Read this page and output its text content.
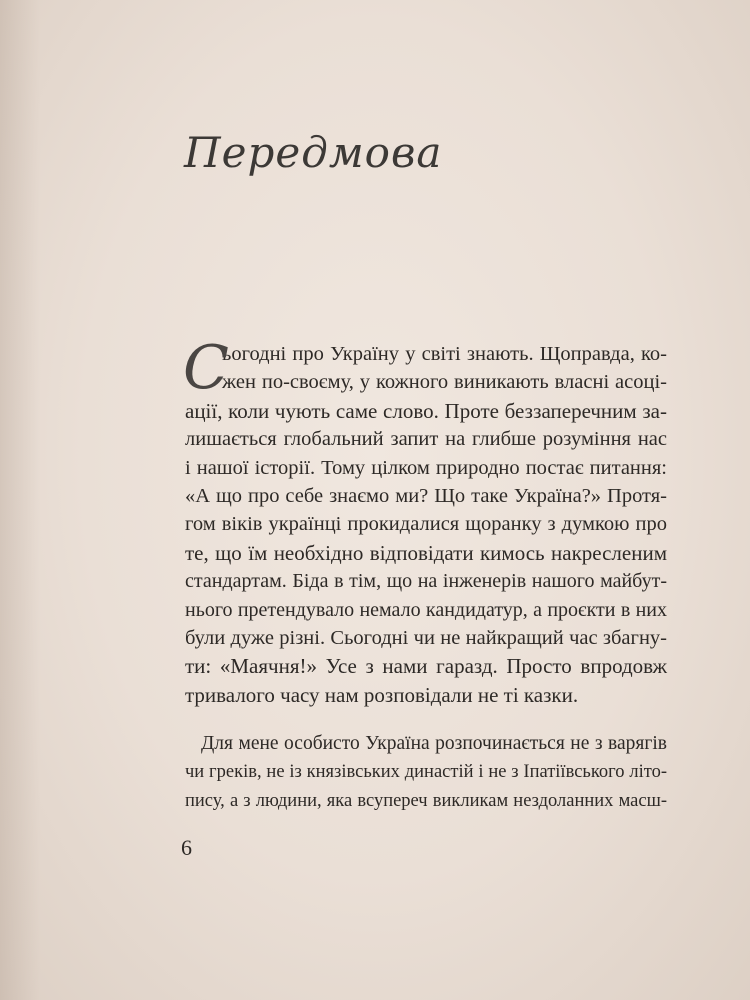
Передмова
С
ьогодні про Україну у світі знають. Щоправда, ко-
жен по-своєму, у кожного виникають власні асоці-
ації, коли чують саме слово. Проте беззаперечним за-
лишається глобальний запит на глибше розуміння нас
і нашої історії. Тому цілком природно постає питання:
«А що про себе знаємо ми? Що таке Україна?» Протя-
гом віків українці прокидалися щоранку з думкою про
те, що їм необхідно відповідати кимось накресленим
стандартам. Біда в тім, що на інженерів нашого майбут-
нього претендувало немало кандидатур, а проєкти в них
були дуже різні. Сьогодні чи не найкращий час збагну-
ти: «Маячня!» Усе з нами гаразд. Просто впродовж
тривалого часу нам розповідали не ті казки.
Для мене особисто Україна розпочинається не з варягів
чи греків, не із князівських династій і не з Іпатіївського літо-
пису, а з людини, яка всупереч викликам нездоланних масш-
6
